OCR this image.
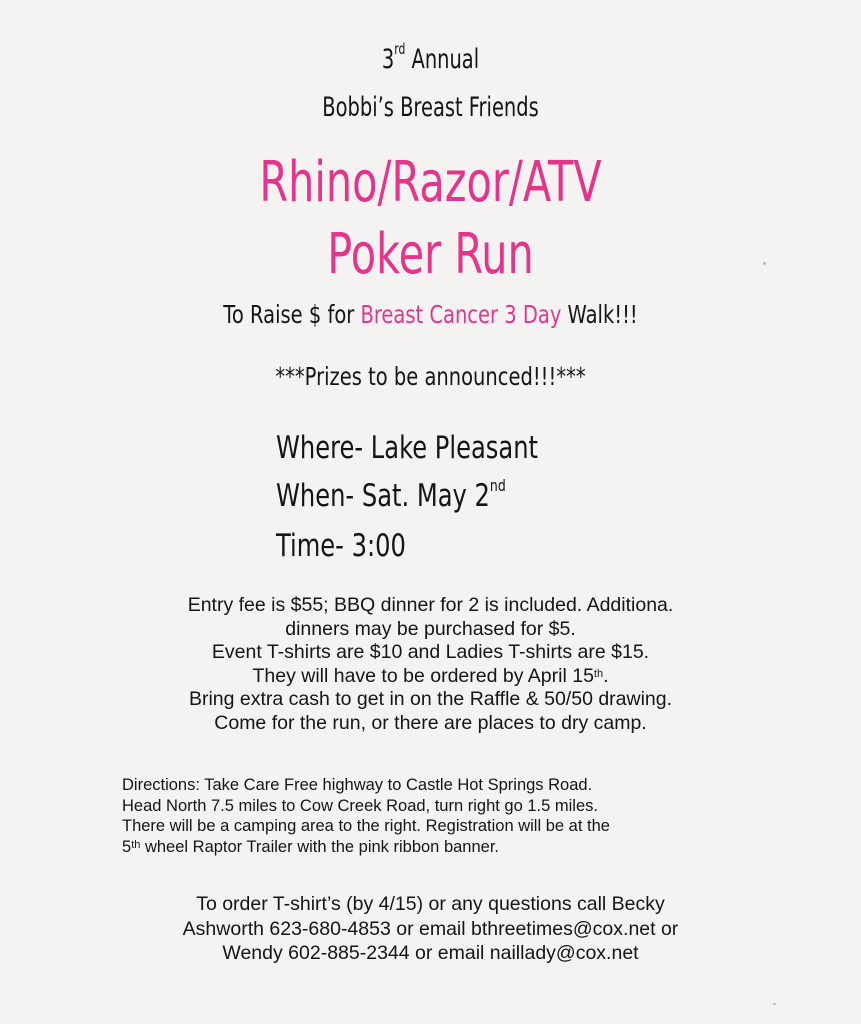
3rd Annual
Bobbi’s Breast Friends
Rhino/Razor/ATV
Poker Run
To Raise $ for Breast Cancer 3 Day Walk!!!
***Prizes to be announced!!!***
Where- Lake Pleasant
When- Sat. May 2nd
Time- 3:00
Entry fee is $55; BBQ dinner for 2 is included. Additiona.
dinners may be purchased for $5.
Event T-shirts are $10 and Ladies T-shirts are $15.
They will have to be ordered by April 15th.
Bring extra cash to get in on the Raffle & 50/50 drawing.
Come for the run, or there are places to dry camp.
Directions: Take Care Free highway to Castle Hot Springs Road.
Head North 7.5 miles to Cow Creek Road, turn right go 1.5 miles.
There will be a camping area to the right. Registration will be at the
5th wheel Raptor Trailer with the pink ribbon banner.
To order T-shirt’s (by 4/15) or any questions call Becky
Ashworth 623-680-4853 or email bthreetimes@cox.net or
Wendy 602-885-2344 or email naillady@cox.net
